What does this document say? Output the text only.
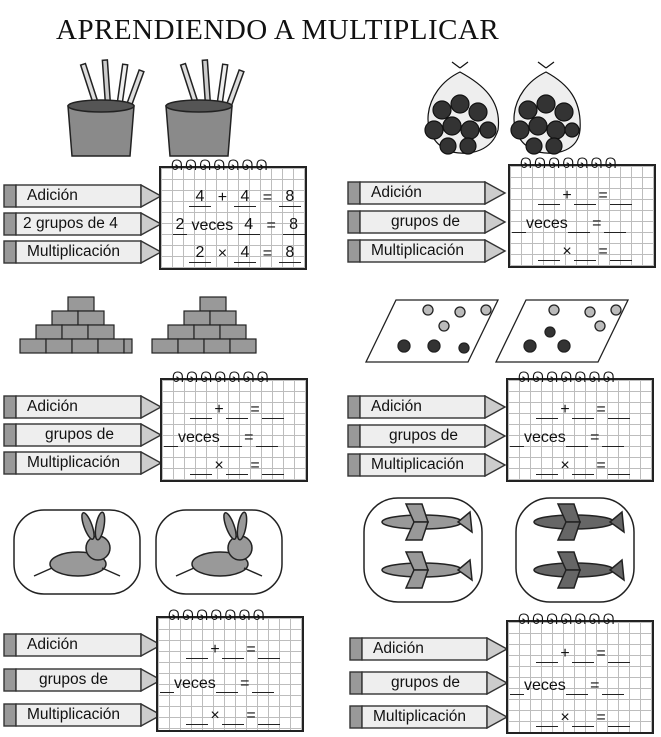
APRENDIENDO A MULTIPLICAR
Adición
2 grupos de 4
Multiplicación
ᘏᘏᘏᘏᘏᘏᘏ
4 + 4 = 8
2 veces 4 = 8
2 × 4 = 8
Adición
grupos de
Multiplicación
ᘏᘏᘏᘏᘏᘏᘏ
+ =
veces =
× =
Adición
grupos de
Multiplicación
ᘏᘏᘏᘏᘏᘏᘏ
+ =
veces =
× =
Adición
grupos de
Multiplicación
ᘏᘏᘏᘏᘏᘏᘏ
+ =
veces =
× =
Adición
grupos de
Multiplicación
ᘏᘏᘏᘏᘏᘏᘏ
+ =
veces =
× =
Adición
grupos de
Multiplicación
ᘏᘏᘏᘏᘏᘏᘏ
+ =
veces =
× =
